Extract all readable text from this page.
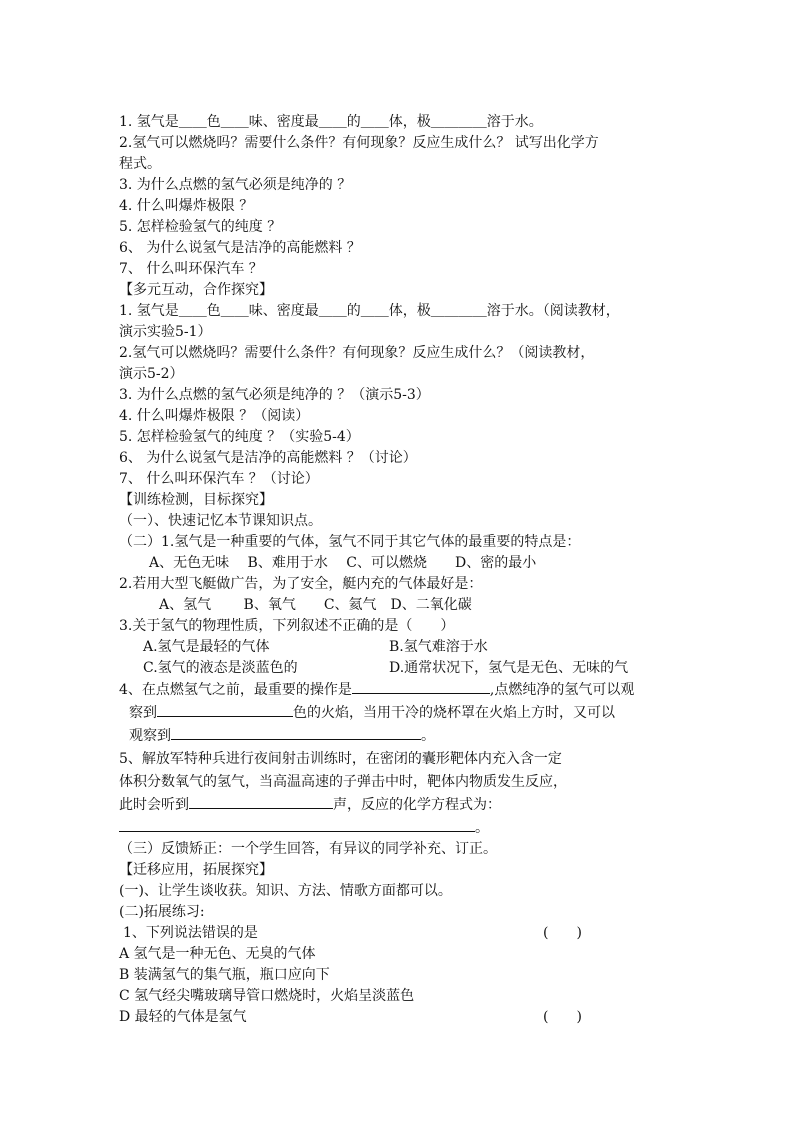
1. 氢气是＿＿色＿＿味、密度最＿＿的＿＿体，极＿＿＿＿溶于水。
2.氢气可以燃烧吗？需要什么条件？有何现象？反应生成什么？ 试写出化学方
程式。
3. 为什么点燃的氢气必须是纯净的 ？
4. 什么叫爆炸极限 ？
5. 怎样检验氢气的纯度 ？
6、 为什么说氢气是洁净的高能燃料 ？
7、 什么叫环保汽车 ？
【多元互动，合作探究】
1. 氢气是＿＿色＿＿味、密度最＿＿的＿＿体，极＿＿＿＿溶于水。（阅读教材，
演示实验5-1）
2.氢气可以燃烧吗？需要什么条件？有何现象？反应生成什么？（阅读教材，
演示5-2）
3. 为什么点燃的氢气必须是纯净的 ？（演示5-3）
4. 什么叫爆炸极限 ？（阅读）
5. 怎样检验氢气的纯度 ？（实验5-4）
6、 为什么说氢气是洁净的高能燃料 ？（讨论）
7、 什么叫环保汽车 ？（讨论）
【训练检测，目标探究】
（一）、快速记忆本节课知识点。
（二）1.氢气是一种重要的气体，氢气不同于其它气体的最重要的特点是：
A、无色无味　 B、难用于水　 C、可以燃烧　　D、密的最小
2.若用大型飞艇做广告，为了安全，艇内充的气体最好是：
A、氢气　　 B、氧气　　C、氦气　D、二氧化碳
3.关于氢气的物理性质，下列叙述不正确的是（　　）
A.氢气是最轻的气体	B.氢气难溶于水
C.氢气的液态是淡蓝色的	D.通常状况下，氢气是无色、无味的气
4、在点燃氢气之前，最重要的操作是	,点燃纯净的氢气可以观
察到	色的火焰，当用干冷的烧杯罩在火焰上方时，又可以
观察到	。
5、解放军特种兵进行夜间射击训练时，在密闭的囊形靶体内充入含一定
体积分数氧气的氢气，当高温高速的子弹击中时，靶体内物质发生反应，
此时会听到	声，反应的化学方程式为：
。
（三）反馈矫正：一个学生回答，有异议的同学补充、订正。
【迁移应用，拓展探究】
(一)、让学生谈收获。知识、方法、情歌方面都可以。
(二)拓展练习:
1、下列说法错误的是	(　　)
A 氢气是一种无色、无臭的气体
B 装满氢气的集气瓶，瓶口应向下
C 氢气经尖嘴玻璃导管口燃烧时，火焰呈淡蓝色
D 最轻的气体是氢气	(　　)
